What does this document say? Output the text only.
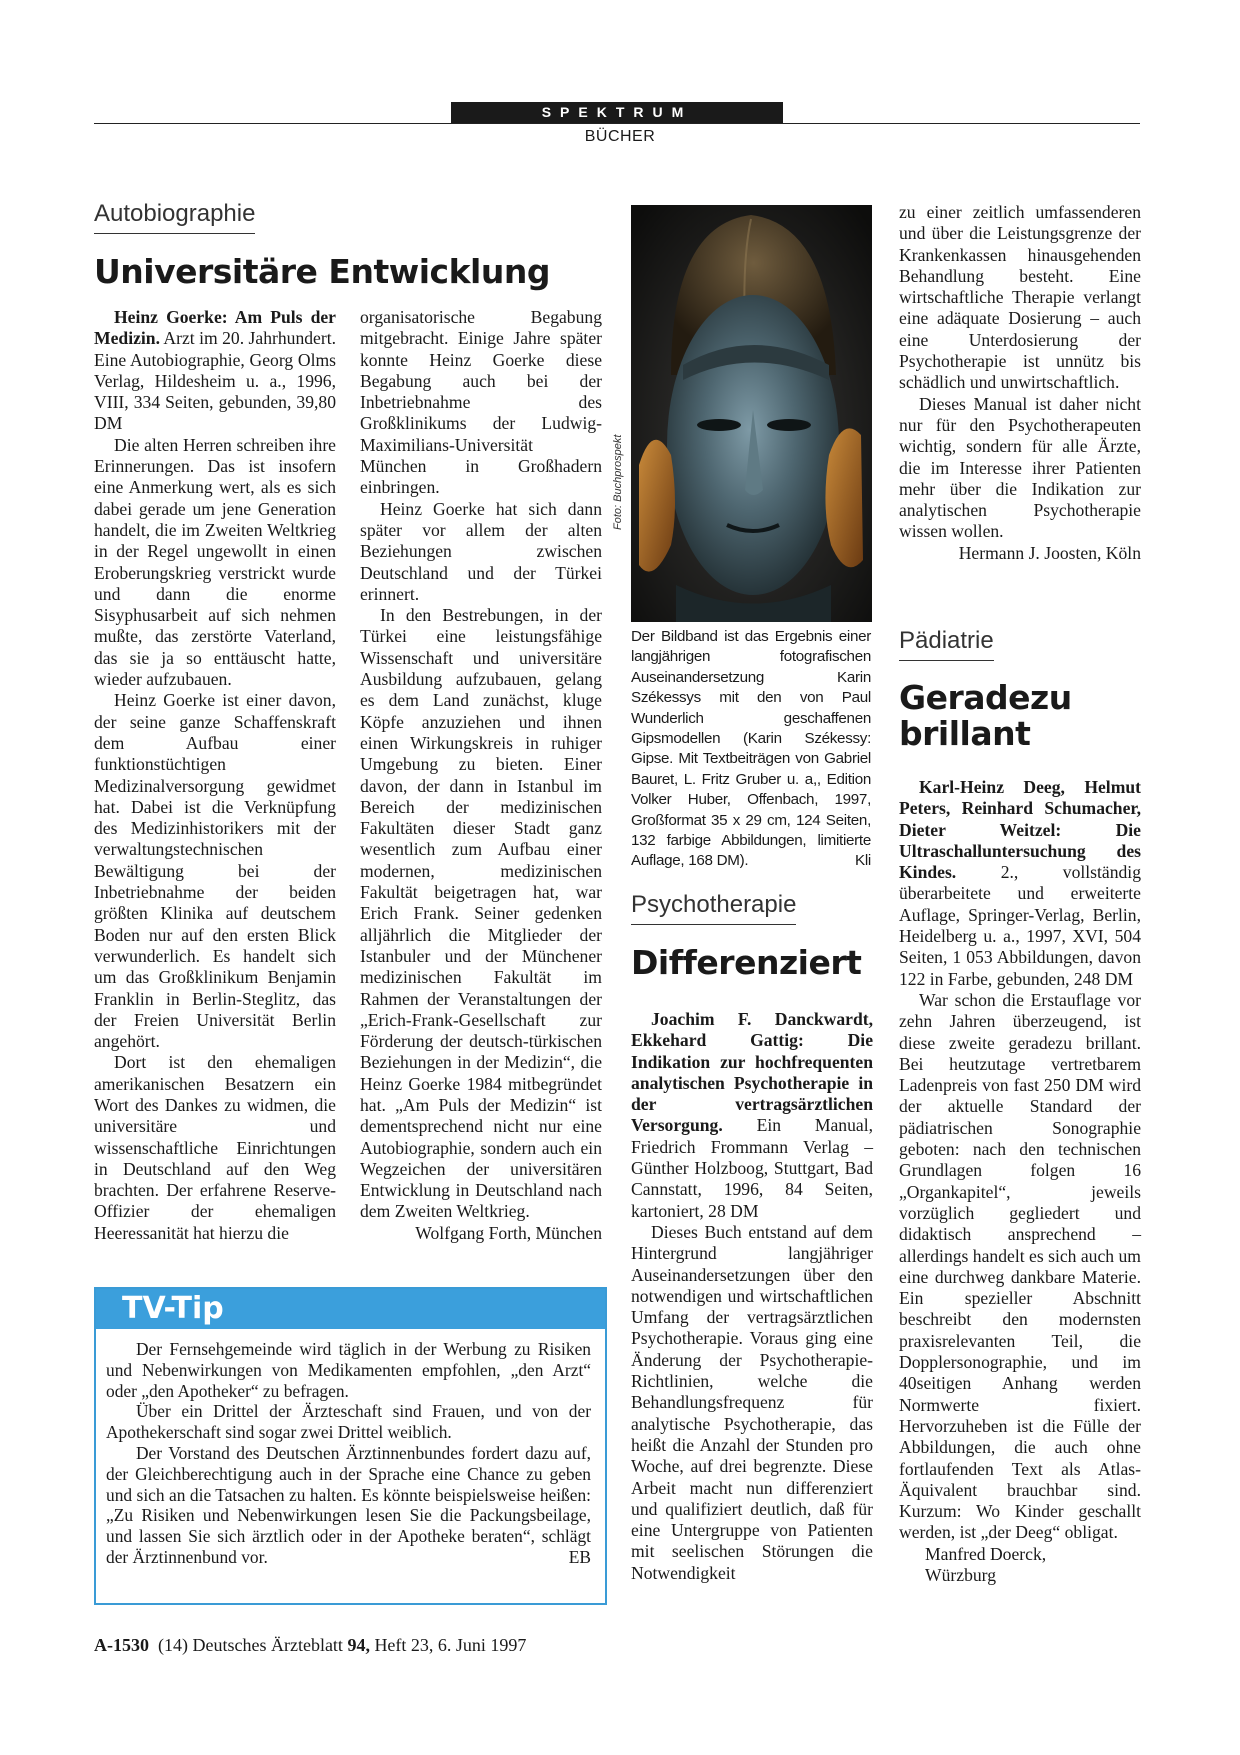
SPEKTRUM
BÜCHER
Autobiographie
Universitäre Entwicklung

Heinz Goerke: Am Puls der Medizin. Arzt im 20. Jahrhundert. Eine Autobiographie, Georg Olms Verlag, Hildesheim u. a., 1996, VIII, 334 Seiten, gebunden, 39,80 DM

Die alten Herren schreiben ihre Erinnerungen. Das ist insofern eine Anmerkung wert, als es sich dabei gerade um jene Generation handelt, die im Zweiten Weltkrieg in der Regel ungewollt in einen Eroberungskrieg verstrickt wurde und dann die enorme Sisyphusarbeit auf sich nehmen mußte, das zerstörte Vaterland, das sie ja so enttäuscht hatte, wieder aufzubauen.

Heinz Goerke ist einer davon, der seine ganze Schaffenskraft dem Aufbau einer funktionstüchtigen Medizinalversorgung gewidmet hat. Dabei ist die Verknüpfung des Medizinhistorikers mit der verwaltungstechnischen Bewältigung bei der Inbetriebnahme der beiden größten Klinika auf deutschem Boden nur auf den ersten Blick verwunderlich. Es handelt sich um das Großklinikum Benjamin Franklin in Berlin-Steglitz, das der Freien Universität Berlin angehört.

Dort ist den ehemaligen amerikanischen Besatzern ein Wort des Dankes zu widmen, die universitäre und wissenschaftliche Einrichtungen in Deutschland auf den Weg brachten. Der erfahrene Reserve-Offizier der ehemaligen Heeressanität hat hierzu die

organisatorische Begabung mitgebracht. Einige Jahre später konnte Heinz Goerke diese Begabung auch bei der Inbetriebnahme des Großklinikums der Ludwig-Maximilians-Universität München in Großhadern einbringen.

Heinz Goerke hat sich dann später vor allem der alten Beziehungen zwischen Deutschland und der Türkei erinnert.

In den Bestrebungen, in der Türkei eine leistungsfähige Wissenschaft und universitäre Ausbildung aufzubauen, gelang es dem Land zunächst, kluge Köpfe anzuziehen und ihnen einen Wirkungskreis in ruhiger Umgebung zu bieten. Einer davon, der dann in Istanbul im Bereich der medizinischen Fakultäten dieser Stadt ganz wesentlich zum Aufbau einer modernen, medizinischen Fakultät beigetragen hat, war Erich Frank. Seiner gedenken alljährlich die Mitglieder der Istanbuler und der Münchener medizinischen Fakultät im Rahmen der Veranstaltungen der „Erich-Frank-Gesellschaft zur Förderung der deutsch-türkischen Beziehungen in der Medizin“, die Heinz Goerke 1984 mitbegründet hat. „Am Puls der Medizin“ ist dementsprechend nicht nur eine Autobiographie, sondern auch ein Wegzeichen der universitären Entwicklung in Deutschland nach dem Zweiten Weltkrieg.

Wolfgang Forth, München

Foto: Buchprospekt
Der Bildband ist das Ergebnis einer langjährigen fotografischen Auseinandersetzung Karin Székessys mit den von Paul Wunderlich geschaffenen Gipsmodellen (Karin Székessy: Gipse. Mit Textbeiträgen von Gabriel Bauret, L. Fritz Gruber u. a,, Edition Volker Huber, Offenbach, 1997, Großformat 35 x 29 cm, 124 Seiten, 132 farbige Abbildungen, limitierte Auflage, 168 DM).	Kli
Psychotherapie
Differenziert

Joachim F. Danckwardt, Ekkehard Gattig: Die Indikation zur hochfrequenten analytischen Psychotherapie in der vertragsärztlichen Versorgung. Ein Manual, Friedrich Frommann Verlag – Günther Holzboog, Stuttgart, Bad Cannstatt, 1996, 84 Seiten, kartoniert, 28 DM

Dieses Buch entstand auf dem Hintergrund langjähriger Auseinandersetzungen über den notwendigen und wirtschaftlichen Umfang der vertragsärztlichen Psychotherapie. Voraus ging eine Änderung der Psychotherapie-Richtlinien, welche die Behandlungsfrequenz für analytische Psychotherapie, das heißt die Anzahl der Stunden pro Woche, auf drei begrenzte. Diese Arbeit macht nun differenziert und qualifiziert deutlich, daß für eine Untergruppe von Patienten mit seelischen Störungen die Notwendigkeit

zu einer zeitlich umfassenderen und über die Leistungsgrenze der Krankenkassen hinausgehenden Behandlung besteht. Eine wirtschaftliche Therapie verlangt eine adäquate Dosierung – auch eine Unterdosierung der Psychotherapie ist unnütz bis schädlich und unwirtschaftlich.

Dieses Manual ist daher nicht nur für den Psychotherapeuten wichtig, sondern für alle Ärzte, die im Interesse ihrer Patienten mehr über die Indikation zur analytischen Psychotherapie wissen wollen.

Hermann J. Joosten, Köln

Pädiatrie
Geradezu
brillant

Karl-Heinz Deeg, Helmut Peters, Reinhard Schumacher, Dieter Weitzel: Die Ultraschalluntersuchung des Kindes. 2., vollständig überarbeitete und erweiterte Auflage, Springer-Verlag, Berlin, Heidelberg u. a., 1997, XVI, 504 Seiten, 1 053 Abbildungen, davon 122 in Farbe, gebunden, 248 DM

War schon die Erstauflage vor zehn Jahren überzeugend, ist diese zweite geradezu brillant. Bei heutzutage vertretbarem Ladenpreis von fast 250 DM wird der aktuelle Standard der pädiatrischen Sonographie geboten: nach den technischen Grundlagen folgen 16 „Organkapitel“, jeweils vorzüglich gegliedert und didaktisch ansprechend – allerdings handelt es sich auch um eine durchweg dankbare Materie. Ein spezieller Abschnitt beschreibt den modernsten praxisrelevanten Teil, die Dopplersonographie, und im 40seitigen Anhang werden Normwerte fixiert. Hervorzuheben ist die Fülle der Abbildungen, die auch ohne fortlaufenden Text als Atlas-Äquivalent brauchbar sind. Kurzum: Wo Kinder geschallt werden, ist „der Deeg“ obligat.

Manfred Doerck,

Würzburg

TV-Tip

Der Fernsehgemeinde wird täglich in der Werbung zu Risiken und Nebenwirkungen von Medikamenten empfohlen, „den Arzt“ oder „den Apotheker“ zu befragen.

Über ein Drittel der Ärzteschaft sind Frauen, und von der Apothekerschaft sind sogar zwei Drittel weiblich.

Der Vorstand des Deutschen Ärztinnenbundes fordert dazu auf, der Gleichberechtigung auch in der Sprache eine Chance zu geben und sich an die Tatsachen zu halten. Es könnte beispielsweise heißen: „Zu Risiken und Nebenwirkungen lesen Sie die Packungsbeilage, und lassen Sie sich ärztlich oder in der Apotheke beraten“, schlägt der Ärztinnenbund vor.	EB

A-1530 (14) Deutsches Ärzteblatt 94, Heft 23, 6. Juni 1997
